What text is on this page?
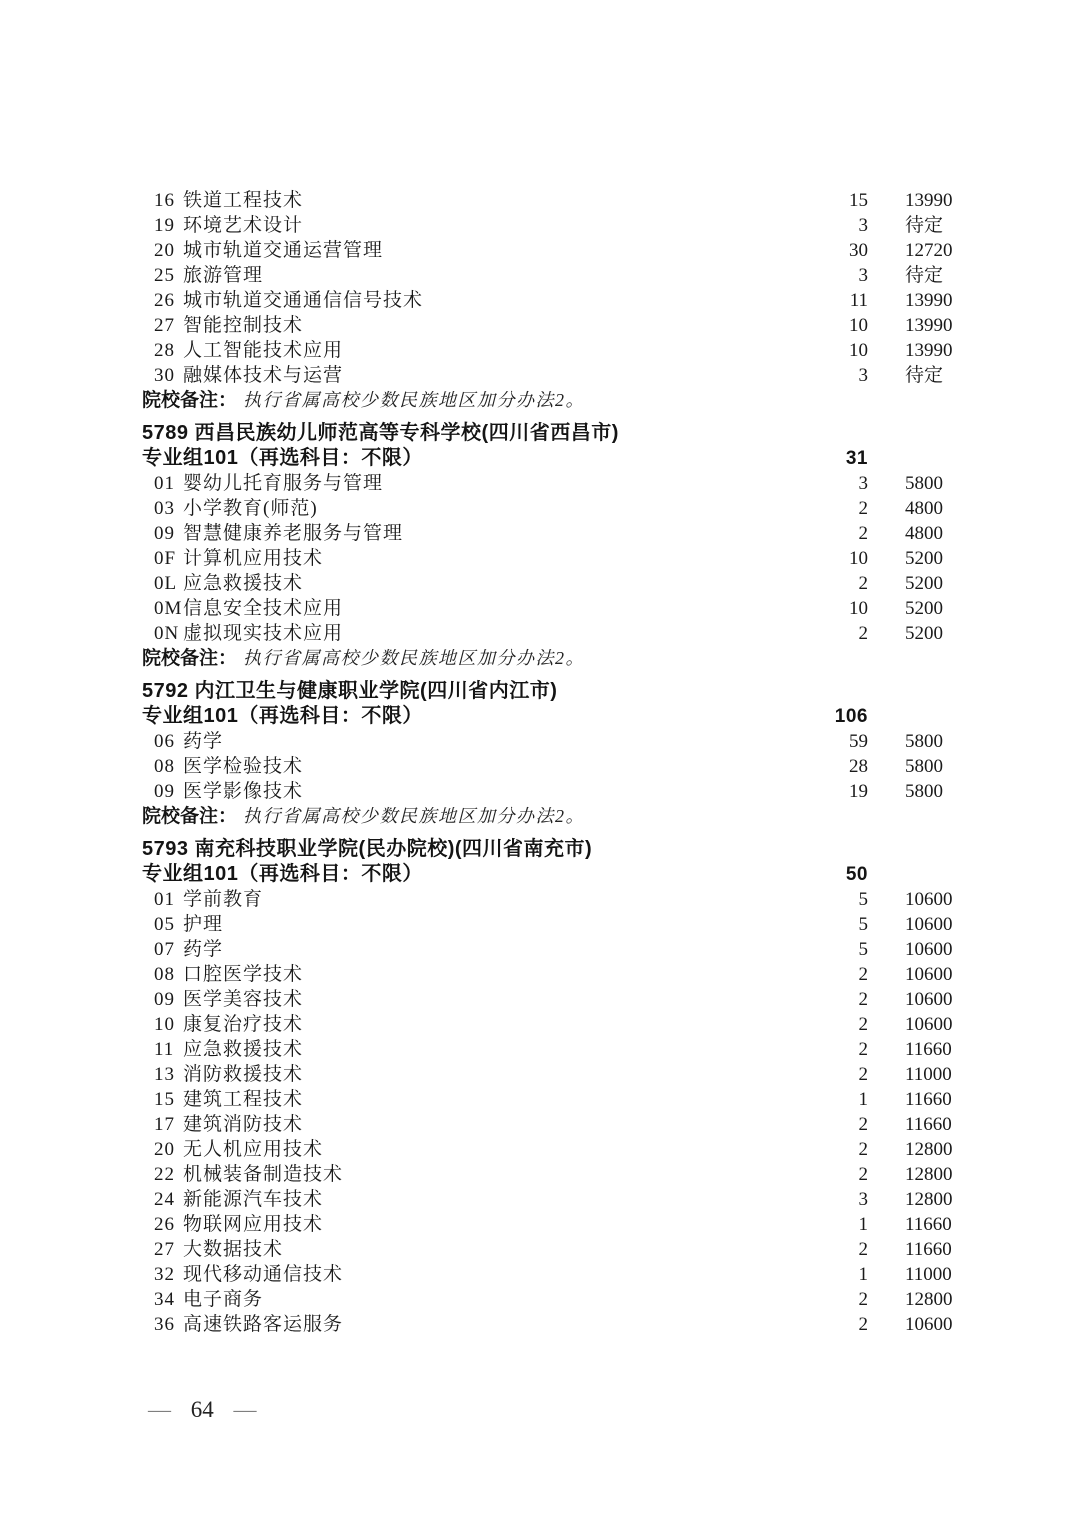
16 铁道工程技术	15 13990
19 环境艺术设计	3 待定
20 城市轨道交通运营管理	30 12720
25 旅游管理	3 待定
26 城市轨道交通通信信号技术	11 13990
27 智能控制技术	10 13990
28 人工智能技术应用	10 13990
30 融媒体技术与运营	3 待定
院校备注： 执行省属高校少数民族地区加分办法2。
5789 西昌民族幼儿师范高等专科学校(四川省西昌市)
专业组101（再选科目：不限）	31
01 婴幼儿托育服务与管理	3 5800
03 小学教育(师范)	2 4800
09 智慧健康养老服务与管理	2 4800
0F 计算机应用技术	10 5200
0L 应急救援技术	2 5200
0M信息安全技术应用	10 5200
0N 虚拟现实技术应用	2 5200
院校备注： 执行省属高校少数民族地区加分办法2。
5792 内江卫生与健康职业学院(四川省内江市)
专业组101（再选科目：不限）	106
06 药学	59 5800
08 医学检验技术	28 5800
09 医学影像技术	19 5800
院校备注： 执行省属高校少数民族地区加分办法2。
5793 南充科技职业学院(民办院校)(四川省南充市)
专业组101（再选科目：不限）	50
01 学前教育	5 10600
05 护理	5 10600
07 药学	5 10600
08 口腔医学技术	2 10600
09 医学美容技术	2 10600
10 康复治疗技术	2 10600
11 应急救援技术	2 11660
13 消防救援技术	2 11000
15 建筑工程技术	1 11660
17 建筑消防技术	2 11660
20 无人机应用技术	2 12800
22 机械装备制造技术	2 12800
24 新能源汽车技术	3 12800
26 物联网应用技术	1 11660
27 大数据技术	2 11660
32 现代移动通信技术	1 11000
34 电子商务	2 12800
36 高速铁路客运服务	2 10600
— 64 —
